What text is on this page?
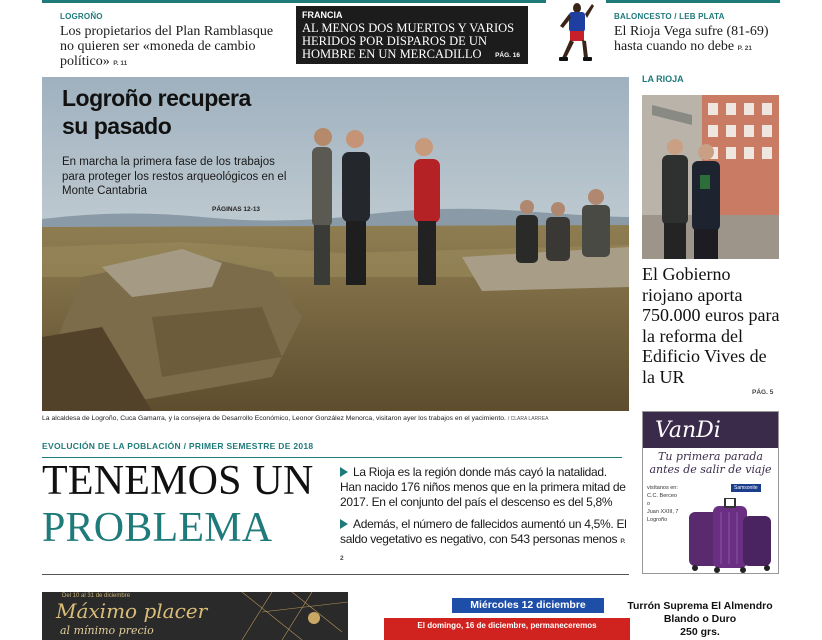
LOGROÑO
Los propietarios del Plan Ramblasque no quieren ser «moneda de cambio político» P. 11
FRANCIA
AL MENOS DOS MUERTOS Y VARIOS HERIDOS POR DISPAROS DE UN HOMBRE EN UN MERCADILLO	PÁG. 16
BALONCESTO / LEB PLATA
El Rioja Vega sufre (81-69) hasta cuando no debe P. 21
Logroño recupera su pasado
En marcha la primera fase de los trabajos para proteger los restos arqueológicos en el Monte Cantabria
PÁGINAS 12-13
La alcaldesa de Logroño, Cuca Gamarra, y la consejera de Desarrollo Económico, Leonor González Menorca, visitaron ayer los trabajos en el yacimiento. / CLARA LARREA
LA RIOJA
El Gobierno riojano aporta 750.000 euros para la reforma del Edificio Vives de la UR
PÁG. 5
VanDi
Tu primera parada
antes de salir de viaje
visítanos en:
C.C. Berceo
o
Juan XXIII, 7
Logroño
Samsonite
EVOLUCIÓN DE LA POBLACIÓN / PRIMER SEMESTRE DE 2018
TENEMOS UN
PROBLEMA
La Rioja es la región donde más cayó la natalidad. Han nacido 176 niños menos que en la primera mitad de 2017. En el conjunto del país el descenso es del 5,8%
Además, el número de fallecidos aumentó un 4,5%. El saldo vegetativo es negativo, con 543 personas menos P. 2
Del 10 al 31 de diciembre
Máximo placer
al mínimo precio
Miércoles 12 diciembre
El domingo, 16 de diciembre, permaneceremos
Turrón Suprema El Almendro
Blando o Duro
250 grs.
